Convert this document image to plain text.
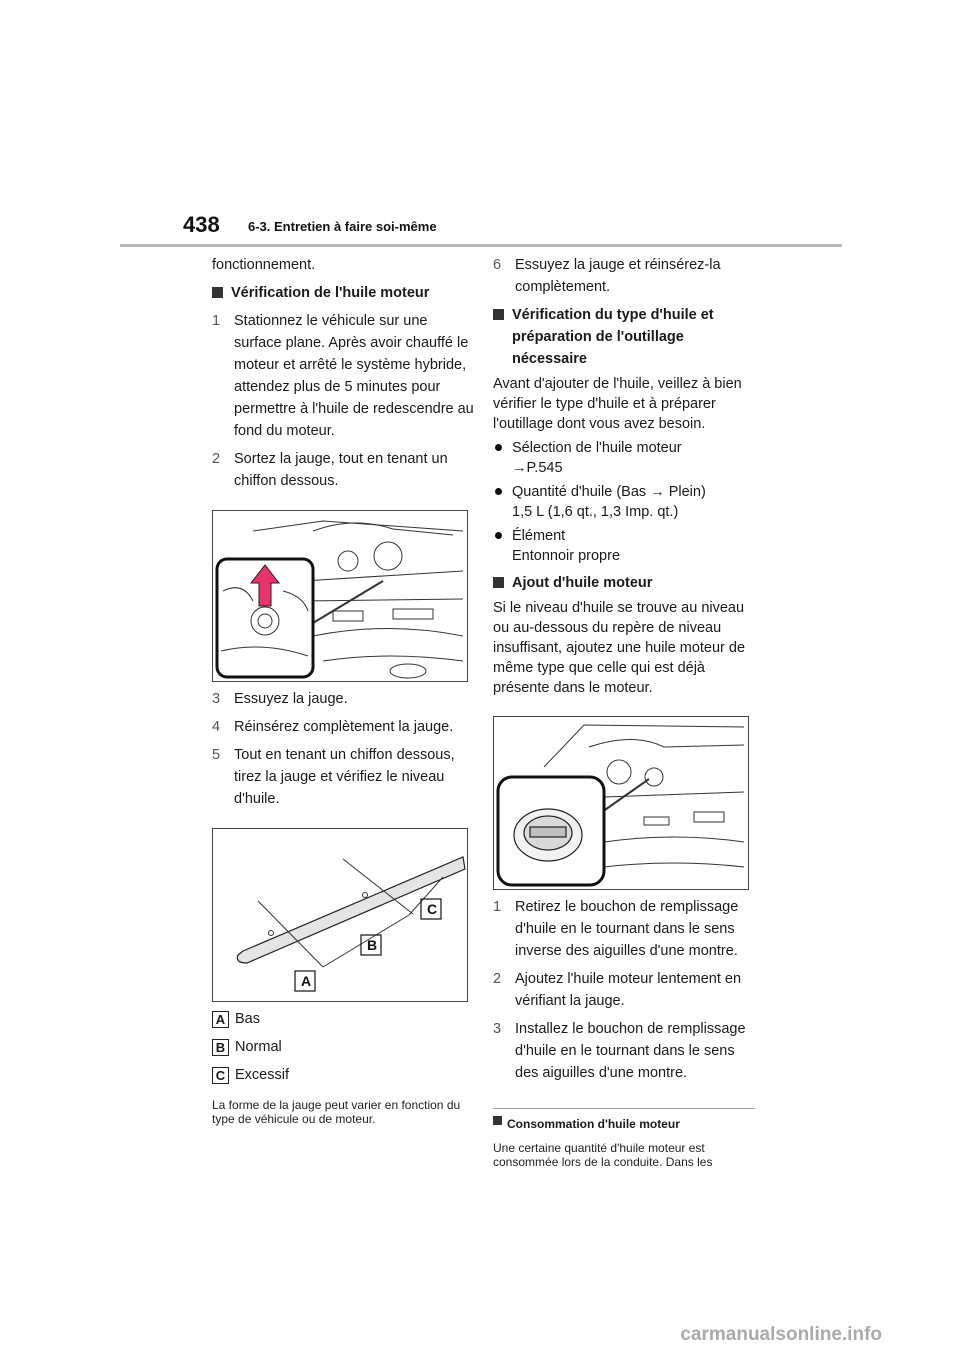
438 6-3. Entretien à faire soi-même

fonctionnement.

Vérification de l'huile moteur

1 Stationnez le véhicule sur une surface plane. Après avoir chauffé le moteur et arrêté le système hybride, attendez plus de 5 minutes pour permettre à l'huile de redescendre au fond du moteur.

2 Sortez la jauge, tout en tenant un chiffon dessous.

3 Essuyez la jauge.

4 Réinsérez complètement la jauge.

5 Tout en tenant un chiffon dessous, tirez la jauge et vérifiez le niveau d'huile.

C
B
A

A Bas

B Normal

C Excessif

La forme de la jauge peut varier en fonction du type de véhicule ou de moteur.

6 Essuyez la jauge et réinsérez-la complètement.

Vérification du type d'huile et préparation de l'outillage nécessaire

Avant d'ajouter de l'huile, veillez à bien vérifier le type d'huile et à préparer l'outillage dont vous avez besoin.

Sélection de l'huile moteur
→P.545
Quantité d'huile (Bas → Plein)
1,5 L (1,6 qt., 1,3 Imp. qt.)
Élément
Entonnoir propre

Ajout d'huile moteur

Si le niveau d'huile se trouve au niveau ou au-dessous du repère de niveau insuffisant, ajoutez une huile moteur de même type que celle qui est déjà présente dans le moteur.

1 Retirez le bouchon de remplissage d'huile en le tournant dans le sens inverse des aiguilles d'une montre.

2 Ajoutez l'huile moteur lentement en vérifiant la jauge.

3 Installez le bouchon de remplissage d'huile en le tournant dans le sens des aiguilles d'une montre.

Consommation d'huile moteur

Une certaine quantité d'huile moteur est consommée lors de la conduite. Dans les

carmanualsonline.info
